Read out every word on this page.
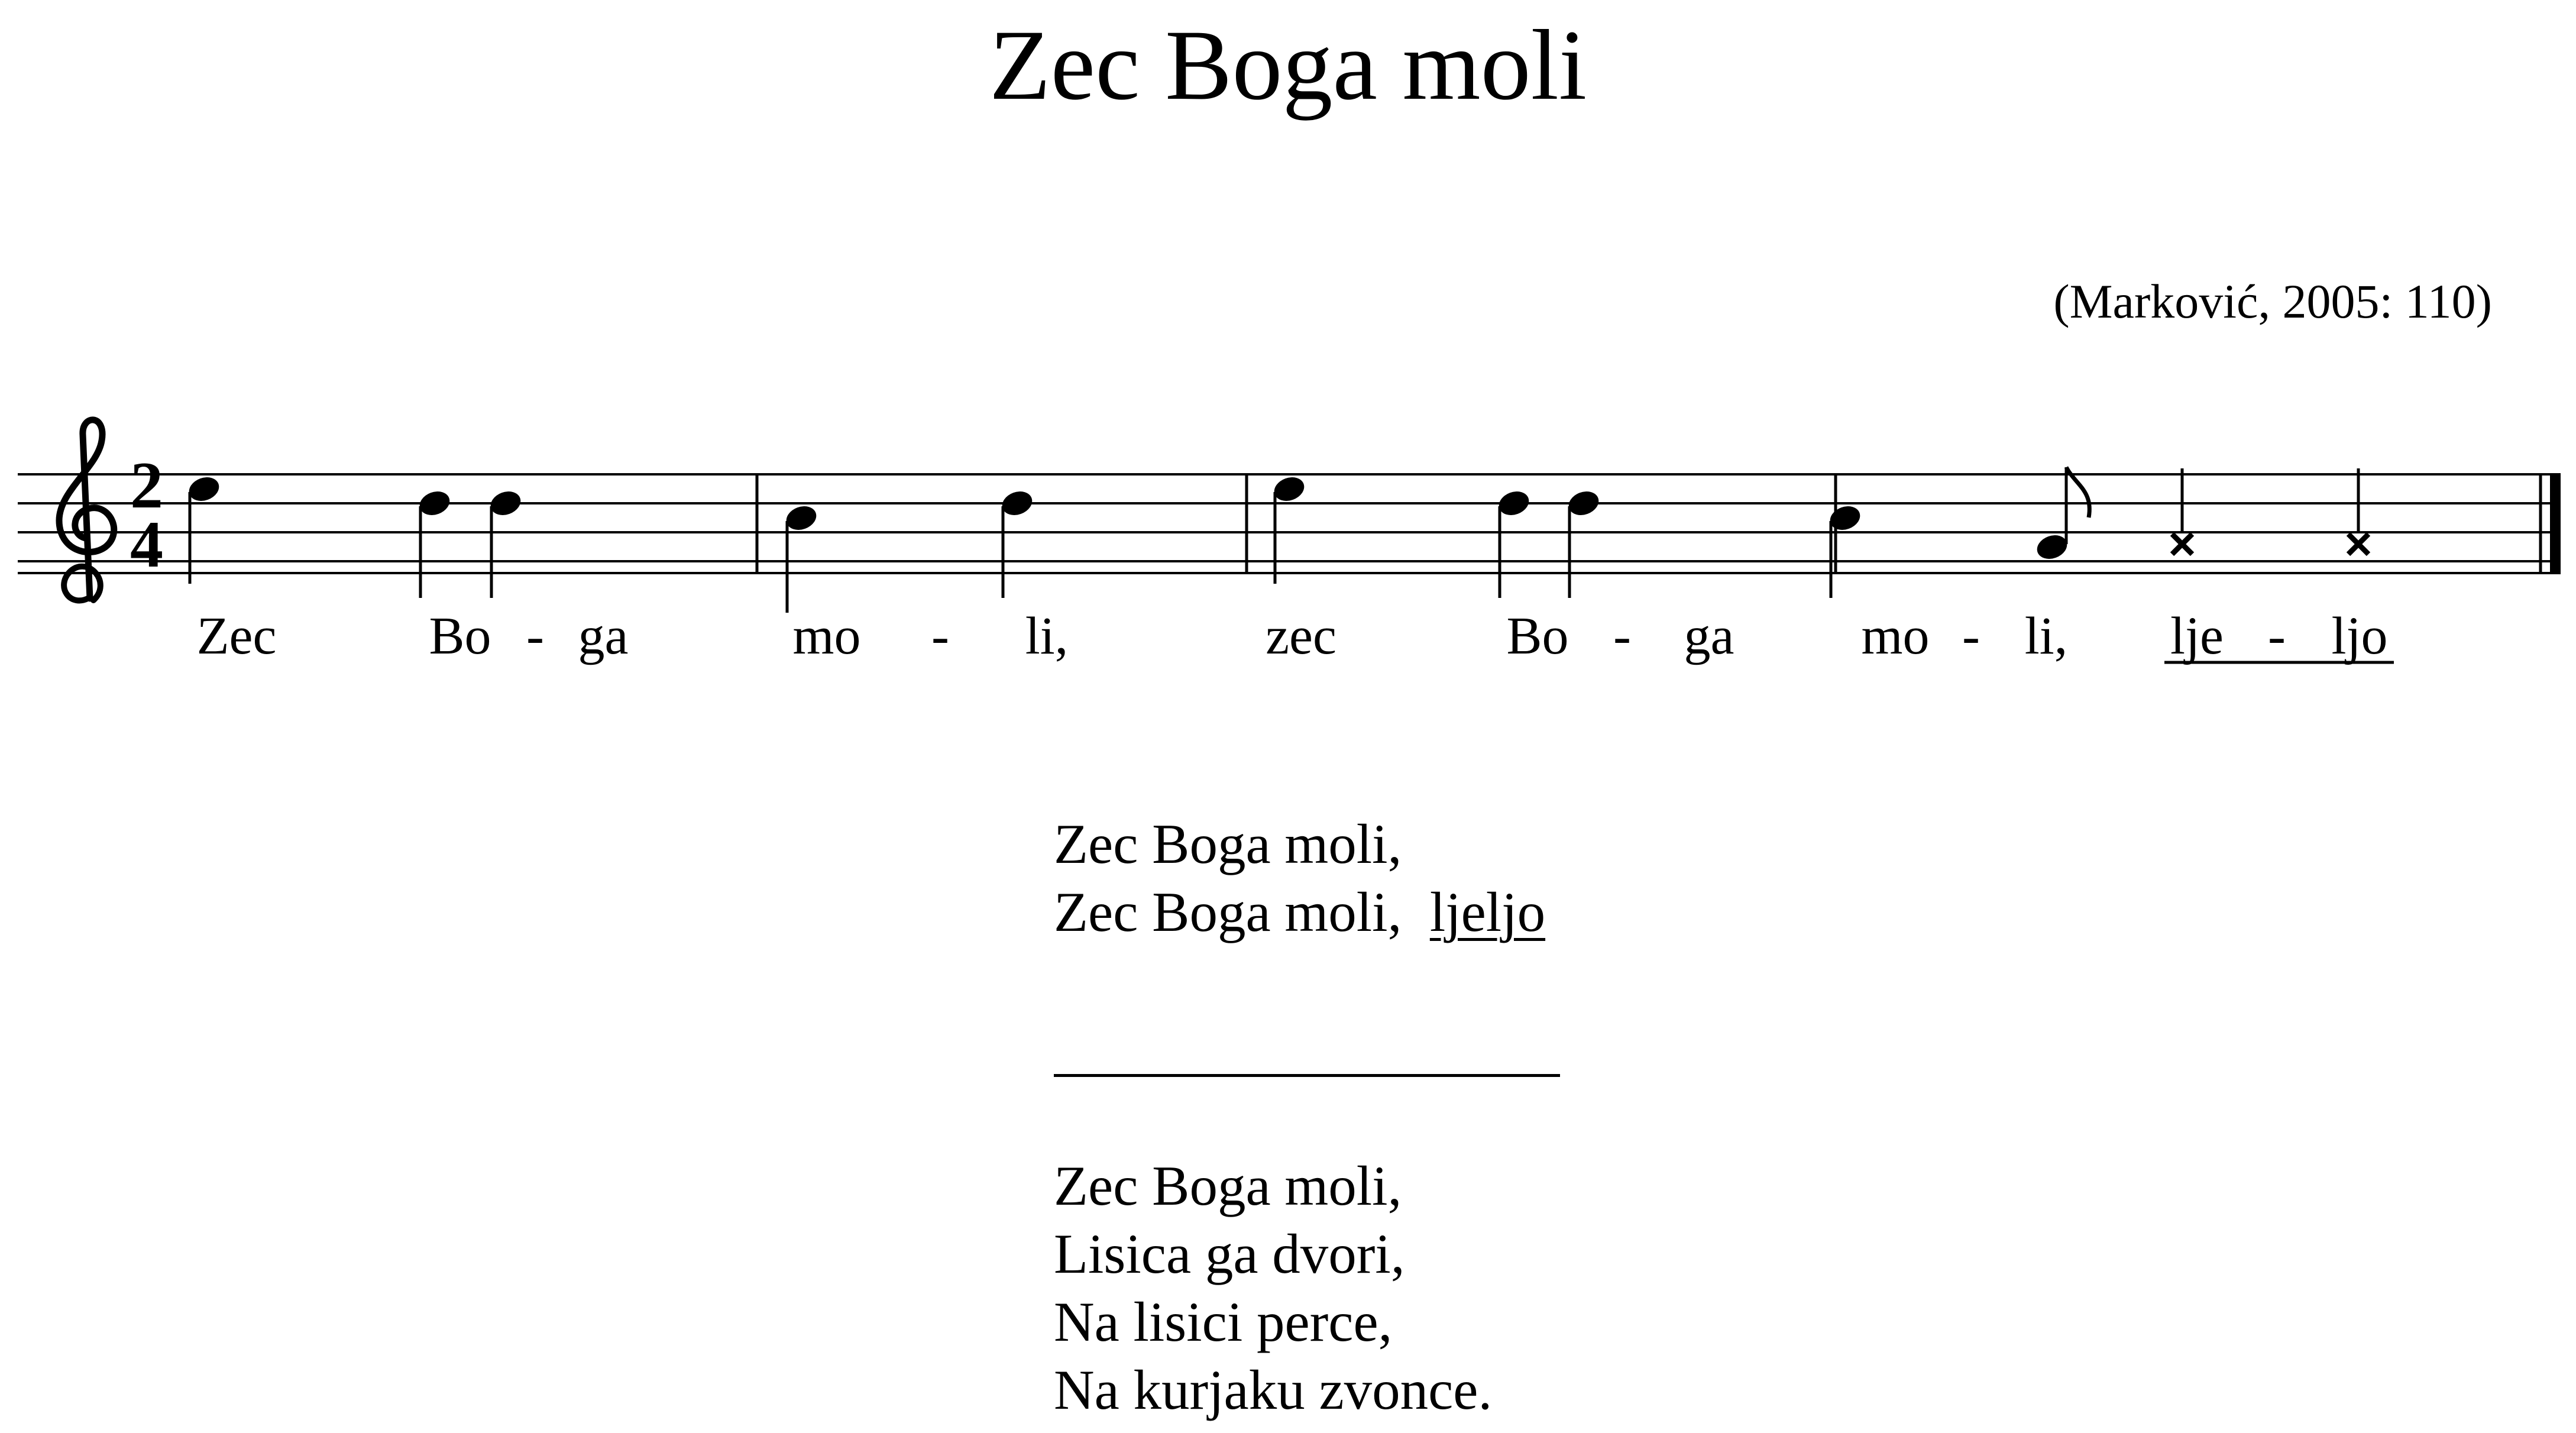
Zec Boga moli
(Marković, 2005: 110)
2
4
Zec	Bo - ga	mo - li,	zec	Bo - ga mo - li, lje - ljo
Zec Boga moli,
Zec Boga moli, ljeljo
Zec Boga moli,
Lisica ga dvori,
Na lisici perce,
Na kurjaku zvonce.
